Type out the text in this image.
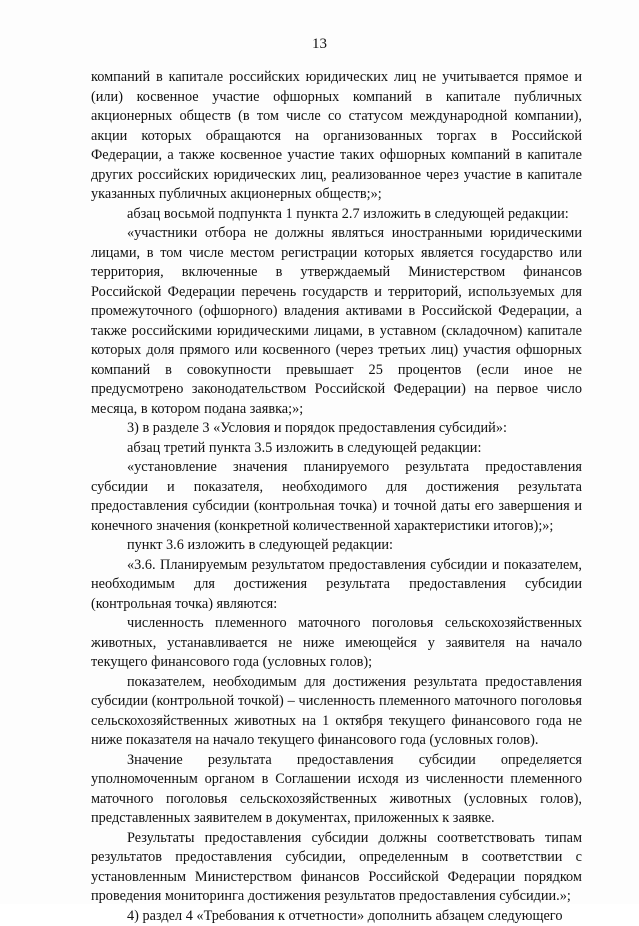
13

компаний в капитале российских юридических лиц не учитывается прямое и (или) косвенное участие офшорных компаний в капитале публичных акционерных обществ (в том числе со статусом международной компании), акции которых обращаются на организованных торгах в Российской Федерации, а также косвенное участие таких офшорных компаний в капитале других российских юридических лиц, реализованное через участие в капитале указанных публичных акционерных обществ;»;

абзац восьмой подпункта 1 пункта 2.7 изложить в следующей редакции:

«участники отбора не должны являться иностранными юридическими лицами, в том числе местом регистрации которых является государство или территория, включенные в утверждаемый Министерством финансов Российской Федерации перечень государств и территорий, используемых для промежуточного (офшорного) владения активами в Российской Федерации, а также российскими юридическими лицами, в уставном (складочном) капитале которых доля прямого или косвенного (через третьих лиц) участия офшорных компаний в совокупности превышает 25 процентов (если иное не предусмотрено законодательством Российской Федерации) на первое число месяца, в котором подана заявка;»;

3) в разделе 3 «Условия и порядок предоставления субсидий»:

абзац третий пункта 3.5 изложить в следующей редакции:

«установление значения планируемого результата предоставления субсидии и показателя, необходимого для достижения результата предоставления субсидии (контрольная точка) и точной даты его завершения и конечного значения (конкретной количественной характеристики итогов);»;

пункт 3.6 изложить в следующей редакции:

«3.6. Планируемым результатом предоставления субсидии и показателем, необходимым для достижения результата предоставления субсидии (контрольная точка) являются:

численность племенного маточного поголовья сельскохозяйственных животных, устанавливается не ниже имеющейся у заявителя на начало текущего финансового года (условных голов);

показателем, необходимым для достижения результата предоставления субсидии (контрольной точкой) – численность племенного маточного поголовья сельскохозяйственных животных на 1 октября текущего финансового года не ниже показателя на начало текущего финансового года (условных голов).

Значение результата предоставления субсидии определяется уполномоченным органом в Соглашении исходя из численности племенного маточного поголовья сельскохозяйственных животных (условных голов), представленных заявителем в документах, приложенных к заявке.

Результаты предоставления субсидии должны соответствовать типам результатов предоставления субсидии, определенным в соответствии с установленным Министерством финансов Российской Федерации порядком проведения мониторинга достижения результатов предоставления субсидии.»;

4) раздел 4 «Требования к отчетности» дополнить абзацем следующего
